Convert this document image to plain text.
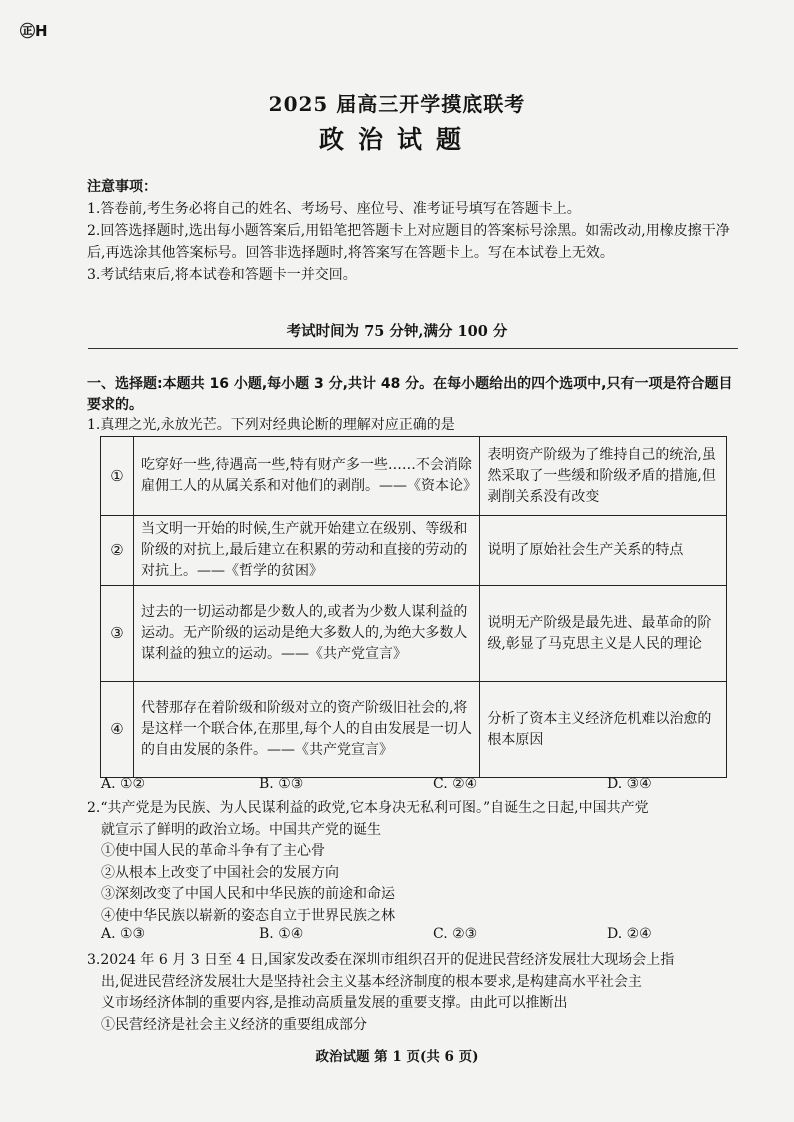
㊣H
2025 届高三开学摸底联考
政治试题
注意事项：
1.答卷前,考生务必将自己的姓名、考场号、座位号、准考证号填写在答题卡上。
2.回答选择题时,选出每小题答案后,用铅笔把答题卡上对应题目的答案标号涂黑。如需改动,用橡皮擦干净后,再选涂其他答案标号。回答非选择题时,将答案写在答题卡上。写在本试卷上无效。
3.考试结束后,将本试卷和答题卡一并交回。
考试时间为 75 分钟,满分 100 分
一、选择题:本题共 16 小题,每小题 3 分,共计 48 分。在每小题给出的四个选项中,只有一项是符合题目要求的。
1.真理之光,永放光芒。下列对经典论断的理解对应正确的是
①	吃穿好一些,待遇高一些,特有财产多一些……不会消除雇佣工人的从属关系和对他们的剥削。——《资本论》	表明资产阶级为了维持自己的统治,虽然采取了一些缓和阶级矛盾的措施,但剥削关系没有改变
②	当文明一开始的时候,生产就开始建立在级别、等级和阶级的对抗上,最后建立在积累的劳动和直接的劳动的对抗上。——《哲学的贫困》	说明了原始社会生产关系的特点
③	过去的一切运动都是少数人的,或者为少数人谋利益的运动。无产阶级的运动是绝大多数人的,为绝大多数人谋利益的独立的运动。——《共产党宣言》	说明无产阶级是最先进、最革命的阶级,彰显了马克思主义是人民的理论
④	代替那存在着阶级和阶级对立的资产阶级旧社会的,将是这样一个联合体,在那里,每个人的自由发展是一切人的自由发展的条件。——《共产党宣言》	分析了资本主义经济危机难以治愈的根本原因
A. ①②	B. ①③	C. ②④	D. ③④
2.“共产党是为民族、为人民谋利益的政党,它本身决无私利可图。”自诞生之日起,中国共产党
就宣示了鲜明的政治立场。中国共产党的诞生
①使中国人民的革命斗争有了主心骨
②从根本上改变了中国社会的发展方向
③深刻改变了中国人民和中华民族的前途和命运
④使中华民族以崭新的姿态自立于世界民族之林
A. ①③	B. ①④	C. ②③	D. ②④
3.2024 年 6 月 3 日至 4 日,国家发改委在深圳市组织召开的促进民营经济发展壮大现场会上指
出,促进民营经济发展壮大是坚持社会主义基本经济制度的根本要求,是构建高水平社会主
义市场经济体制的重要内容,是推动高质量发展的重要支撑。由此可以推断出
①民营经济是社会主义经济的重要组成部分
政治试题 第 1 页(共 6 页)
